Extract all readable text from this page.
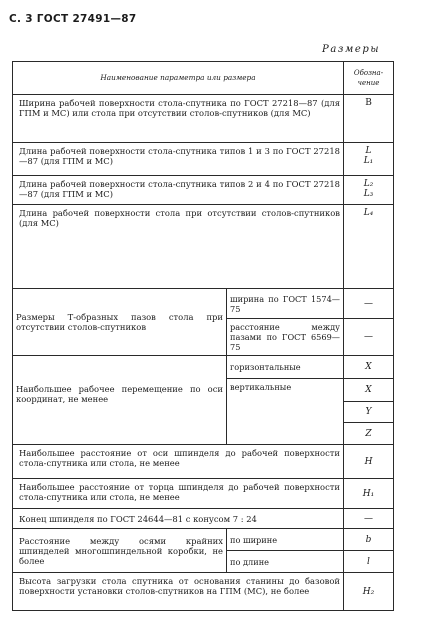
С. 3 ГОСТ 27491—87
Размеры
Наименование параметра или размера		Обозна-
чение
Ширина рабочей поверхности стола-спутника по ГОСТ 27218—87 (для ГПМ и МС) или стола при отсутствии столов-спутников (для МС)		B
Длина рабочей поверхности стола-спутника типов 1 и 3 по ГОСТ 27218—87 (для ГПМ и МС)		L
L₁
Длина рабочей поверхности стола-спутника типов 2 и 4 по ГОСТ 27218—87 (для ГПМ и МС)		L₂
L₃
Длина рабочей поверхности стола при отсутствии столов-спутников (для МС)		L₄
Размеры Т-образных пазов стола при отсутствии столов-спутников	ширина по ГОСТ 1574—75	—
	расстояние между пазами по ГОСТ 6569—75	—
Наибольшее рабочее перемещение по оси координат, не менее	горизонтальные	X
	вертикальные	X
		Y
		Z
Наибольшее расстояние от оси шпинделя до рабочей поверхности стола-спутника или стола, не менее		H
Наибольшее расстояние от торца шпинделя до рабочей поверхности стола-спутника или стола, не менее		H₁
Конец шпинделя по ГОСТ 24644—81 с конусом 7 : 24		—
Расстояние между осями крайних шпинделей многошпиндельной коробки, не более	по ширине	b
	по длине	l
Высота загрузки стола спутника от основания станины до базовой поверхности установки столов-спутников на ГПМ (МС), не более		H₂
